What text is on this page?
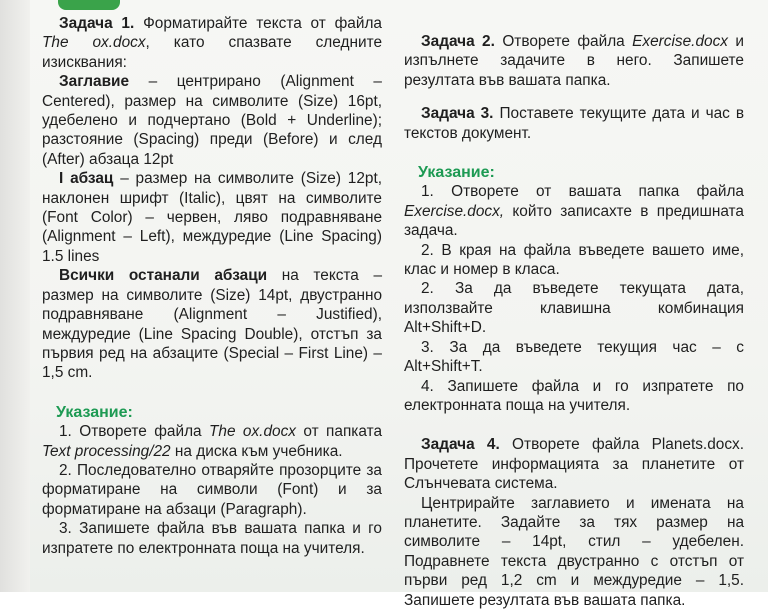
Задача 1. Форматирайте текста от файла The ox.docx, като спазвате следните изисквания:

Заглавие – центрирано (Alignment – Centered), размер на символите (Size) 16pt, удебелено и подчертано (Bold + Underline); разстояние (Spacing) преди (Before) и след (After) абзаца 12pt

I абзац – размер на символите (Size) 12pt, наклонен шрифт (Italic), цвят на символите (Font Color) – червен, ляво подравняване (Alignment – Left), междуредие (Line Spacing) 1.5 lines

Всички останали абзаци на текста – размер на символите (Size) 14pt, двустранно подравняване (Alignment – Justified), междуредие (Line Spacing Double), отстъп за първия ред на абзаците (Special – First Line) – 1,5 cm.

Указание:

1. Отворете файла The ox.docx от папката Text processing/22 на диска към учебника.

2. Последователно отваряйте прозорците за форматиране на символи (Font) и за форматиране на абзаци (Paragraph).

3. Запишете файла във вашата папка и го изпратете по електронната поща на учителя.

Задача 2. Отворете файла Exercise.docx и изпълнете задачите в него. Запишете резултата във вашата папка.

Задача 3. Поставете текущите дата и час в текстов документ.

Указание:

1. Отворете от вашата папка файла Exercise.docx, който записахте в предишната задача.

2. В края на файла въведете вашето име, клас и номер в класа.

2. За да въведете текущата дата, използвайте клавишна комбинация Alt+Shift+D.

3. За да въведете текущия час – с Alt+Shift+T.

4. Запишете файла и го изпратете по електронната поща на учителя.

Задача 4. Отворете файла Planets.docx. Прочетете информацията за планетите от Слънчевата система.

Центрирайте заглавието и имената на планетите. Задайте за тях размер на символите – 14pt, стил – удебелен. Подравнете текста двустранно с отстъп от първи ред 1,2 cm и междуредие – 1,5. Запишете резултата във вашата папка.
